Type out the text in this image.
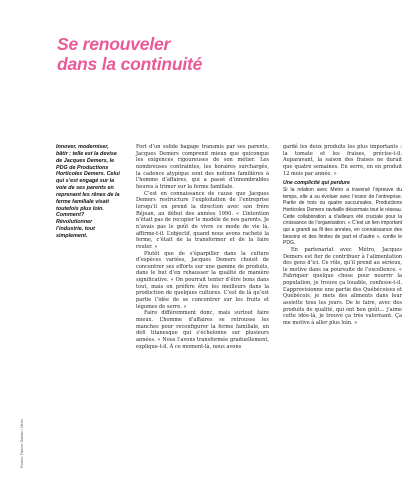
Se renouveler
dans la continuité
Photos: Fabrice Gaëtan / Metro
Innover, moderniser, bâtir : telle est la devise de Jacques Demers, le PDG de Productions Horticoles Demers. Celui qui s’est engagé sur la voie de ses parents en reprenant les rênes de la ferme familiale visait toutefois plus loin. Comment? Révolutionner l’industrie, tout simplement.

Fort d’un solide bagage transmis par ses parents, Jacques Demers comprend mieux que quiconque les exigences rigoureuses de son métier. Les nombreuses contraintes, les horaires surchargés, la cadence atypique sont des notions familières à l’homme d’affaires, qui a passé d’innombrables heures à trimer sur la ferme familiale.

C’est en connaissance de cause que Jacques Demers restructure l’exploitation de l’entreprise lorsqu’il en prend la direction avec son frère Réjean, au début des années 1990. « L’intention n’était pas de recopier le modèle de nos parents. Je n’avais pas le goût de vivre ce mode de vie là, affirme-t-il. L’objectif, quand nous avons racheté la ferme, c’était de la transformer et de la faire rouler. »

Plutôt que de s’éparpiller dans la culture d’espèces variées, Jacques Demers choisit de concentrer ses efforts sur une gamme de produits, dans le but d’en rehausser la qualité de manière significative. « On pourrait tenter d’être bons dans tout, mais on préfère être les meilleurs dans la production de quelques cultures. C’est de là qu’est partie l’idée de se concentrer sur les fruits et légumes de serre. »

Faire différemment donc, mais surtout faire mieux. L’homme d’affaires se retrousse les manches pour reconfigurer la ferme familiale, un défi titanesque qui s’échelonne sur plusieurs années. « Nous l’avons transformée graduellement, explique-t-il. À ce moment-là, nous avons

gardé les deux produits les plus importants : la tomate et les fraises, précise-t-il. Auparavant, la saison des fraises ne durait que quatre semaines. En serre, on en produit 12 mois par année. »

Une complicité qui perdure

Si la relation avec Metro a traversé l’épreuve du temps, elle a su évoluer avec l’essor de l’entreprise. Partie de trois ou quatre succursales, Productions Horticoles Demers ravitaille désormais tout le réseau. Cette collaboration a d’ailleurs été cruciale pour la croissance de l’organisation. « C’est un lien important qui a grandi au fil des années, en connaissance des besoins et des limites de part et d’autre », confie le PDG.

En partenariat avec Metro, Jacques Demers est fier de contribuer à l’alimentation des gens d’ici. Ce rôle, qu’il prend au sérieux, le motive dans sa poursuite de l’excellence. « Fabriquer quelque chose pour nourrir la population, je trouve ça louable, confesse-t-il. L’approvisionne une partie des Québécoises et Québécois, je mets des aliments dans leur assiette tous les jours. De le faire, avec des produits de qualité, qui ont bon goût… j’aime cette idée-là, je trouve ça très valorisant. Ça me motive à aller plus loin. »
